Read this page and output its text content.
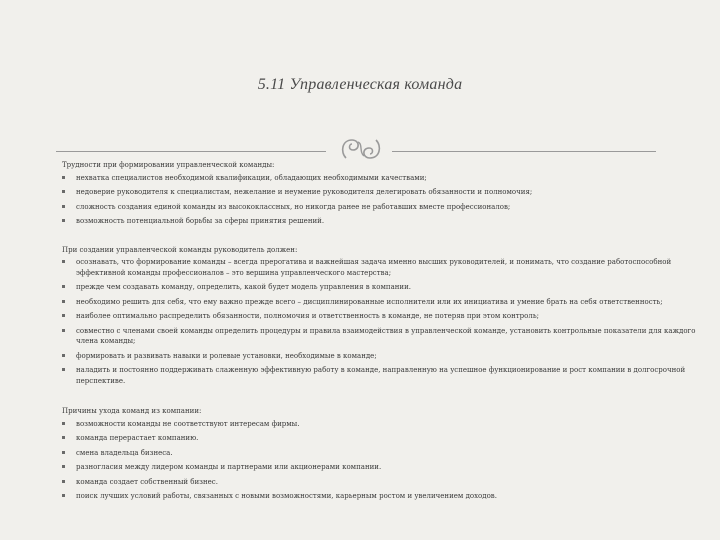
5.11 Управленческая команда

Трудности при формировании управленческой команды:

нехватка специалистов необходимой квалификации, обладающих необходимыми качествами;
недоверие руководителя к специалистам, нежелание и неумение руководителя делегировать обязанности и полномочия;
сложность создания единой команды из высококлассных, но никогда ранее не работавших вместе профессионалов;
возможность потенциальной борьбы за сферы принятия решений.

При создании управленческой команды руководитель должен:

осознавать, что формирование команды – всегда прерогатива и важнейшая задача именно высших руководителей, и понимать, что создание работоспособной эффективной команды профессионалов – это вершина управленческого мастерства;
прежде чем создавать команду, определить, какой будет модель управления в компании.
необходимо решить для себя, что ему важно прежде всего – дисциплинированные исполнители или их инициатива и умение брать на себя ответственность;
наиболее оптимально распределить обязанности, полномочия и ответственность в команде, не потеряв при этом контроль;
совместно с членами своей команды определить процедуры и правила взаимодействия в управленческой команде, установить контрольные показатели для каждого члена команды;
формировать и развивать навыки и ролевые установки, необходимые в команде;
наладить и постоянно поддерживать слаженную эффективную работу в команде, направленную на успешное функционирование и рост компании в долгосрочной перспективе.

Причины ухода команд из компании:

возможности команды не соответствуют интересам фирмы.
команда перерастает компанию.
смена владельца бизнеса.
разногласия между лидером команды и партнерами или акционерами компании.
команда создает собственный бизнес.
поиск лучших условий работы, связанных с новыми возможностями, карьерным ростом и увеличением доходов.
